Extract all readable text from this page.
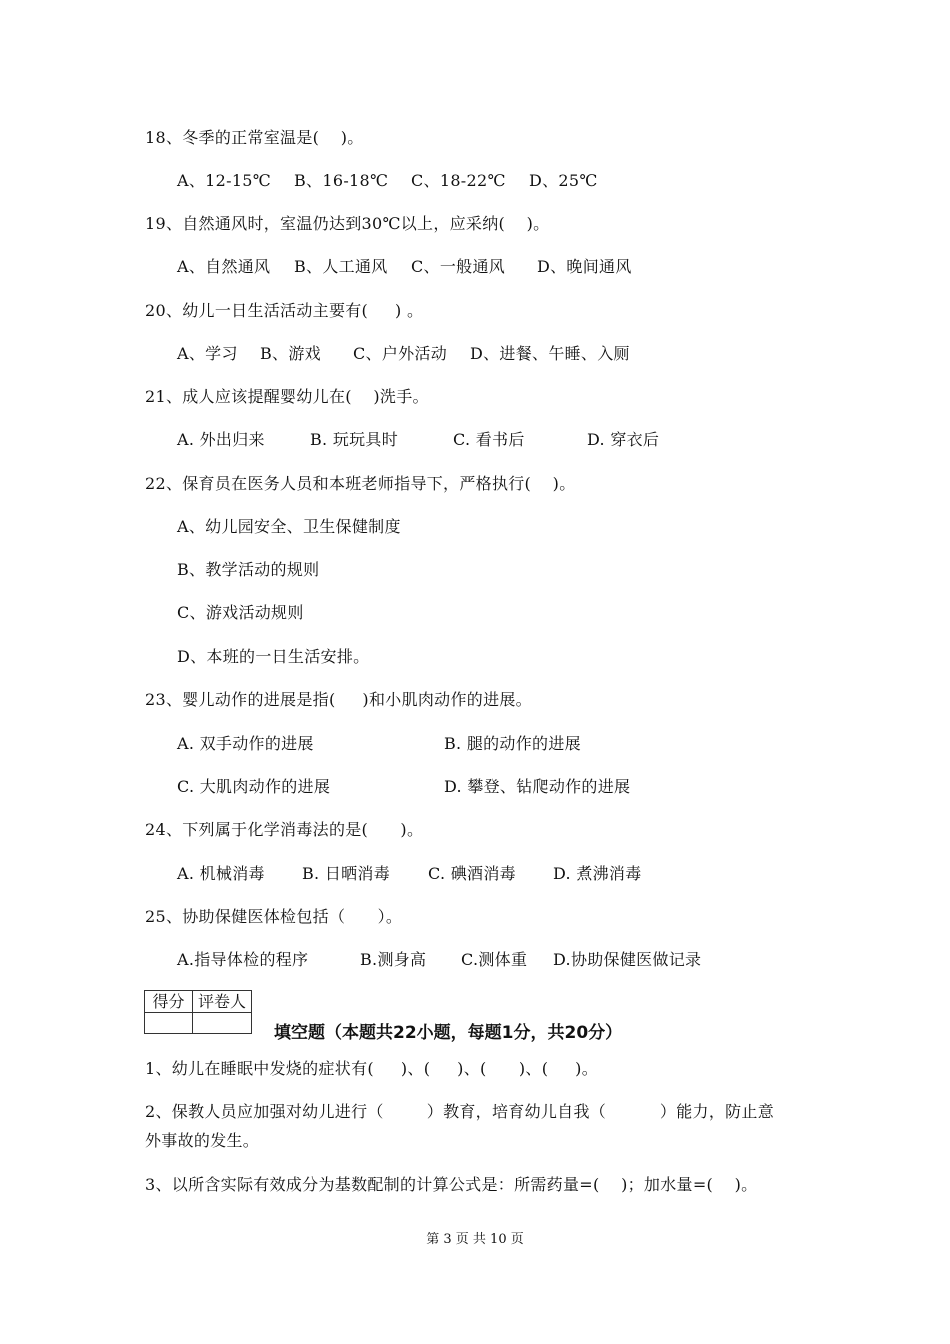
18、冬季的正常室温是(    )。
A、12-15℃ B、16-18℃ C、18-22℃ D、25℃
19、自然通风时，室温仍达到30℃以上，应采纳(    )。
A、自然通风 B、人工通风 C、一般通风 D、晚间通风
20、幼儿一日生活活动主要有(     ) 。
A、学习 B、游戏 C、户外活动 D、进餐、午睡、入厕
21、成人应该提醒婴幼儿在(    )洗手。
A. 外出归来	B. 玩玩具时	C. 看书后	D. 穿衣后
22、保育员在医务人员和本班老师指导下，严格执行(    )。
A、幼儿园安全、卫生保健制度
B、教学活动的规则
C、游戏活动规则
D、本班的一日生活安排。
23、婴儿动作的进展是指(     )和小肌肉动作的进展。
A. 双手动作的进展	B. 腿的动作的进展
C. 大肌肉动作的进展	D. 攀登、钻爬动作的进展
24、下列属于化学消毒法的是(      )。
A. 机械消毒 B. 日晒消毒 C. 碘酒消毒 D. 煮沸消毒
25、协助保健医体检包括（      ）。
A.指导体检的程序	B.测身高 C.测体重 D.协助保健医做记录
得分 评卷人
填空题（本题共22小题，每题1分，共20分）
1、幼儿在睡眠中发烧的症状有(     )、(     )、(      )、(     )。
2、保教人员应加强对幼儿进行（        ）教育，培育幼儿自我（          ）能力，防止意
外事故的发生。
3、以所含实际有效成分为基数配制的计算公式是：所需药量=(    )；加水量=(    )。
第 3 页 共 10 页
